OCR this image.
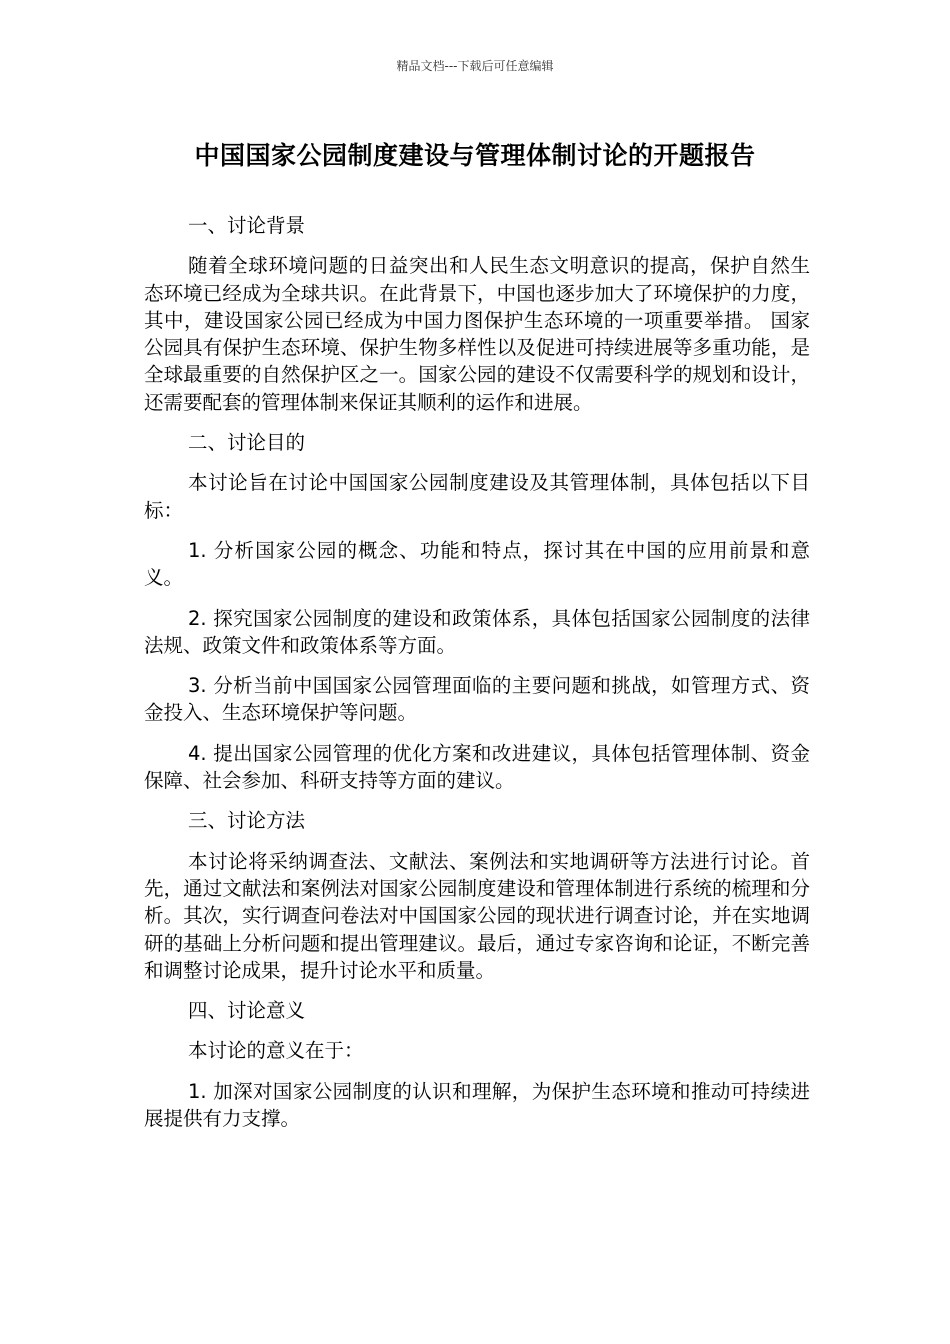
精品文档---下载后可任意编辑
中国国家公园制度建设与管理体制讨论的开题报告

一、讨论背景

随着全球环境问题的日益突出和人民生态文明意识的提高，保护自然生态环境已经成为全球共识。在此背景下，中国也逐步加大了环境保护的力度，其中，建设国家公园已经成为中国力图保护生态环境的一项重要举措。 国家公园具有保护生态环境、保护生物多样性以及促进可持续进展等多重功能，是全球最重要的自然保护区之一。国家公园的建设不仅需要科学的规划和设计，还需要配套的管理体制来保证其顺利的运作和进展。

二、讨论目的

本讨论旨在讨论中国国家公园制度建设及其管理体制，具体包括以下目标：

1. 分析国家公园的概念、功能和特点，探讨其在中国的应用前景和意义。

2. 探究国家公园制度的建设和政策体系，具体包括国家公园制度的法律法规、政策文件和政策体系等方面。

3. 分析当前中国国家公园管理面临的主要问题和挑战，如管理方式、资金投入、生态环境保护等问题。

4. 提出国家公园管理的优化方案和改进建议，具体包括管理体制、资金保障、社会参加、科研支持等方面的建议。

三、讨论方法

本讨论将采纳调查法、文献法、案例法和实地调研等方法进行讨论。首先，通过文献法和案例法对国家公园制度建设和管理体制进行系统的梳理和分析。其次，实行调查问卷法对中国国家公园的现状进行调查讨论，并在实地调研的基础上分析问题和提出管理建议。最后，通过专家咨询和论证，不断完善和调整讨论成果，提升讨论水平和质量。

四、讨论意义

本讨论的意义在于：

1. 加深对国家公园制度的认识和理解，为保护生态环境和推动可持续进展提供有力支撑。
